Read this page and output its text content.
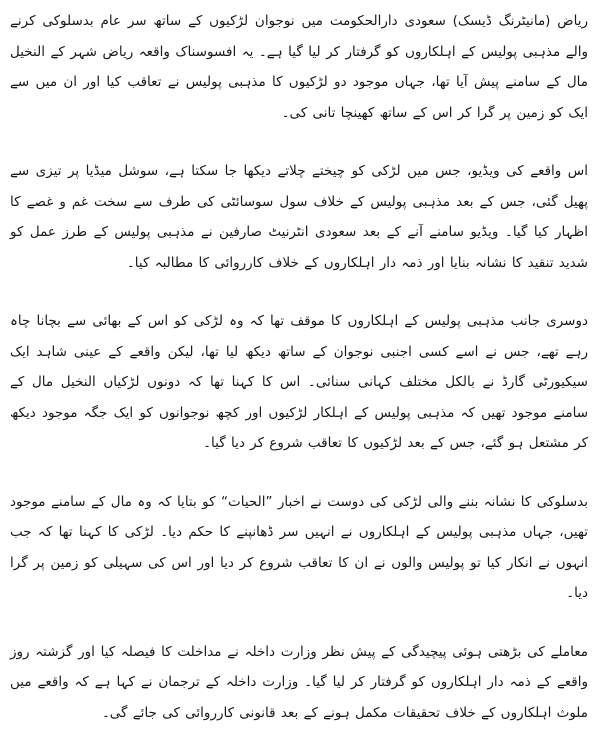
ریاض (مانیٹرنگ ڈیسک) سعودی دارالحکومت میں نوجوان لڑکیوں کے ساتھ سر عام بدسلوکی کرنے والے مذہبی پولیس کے اہلکاروں کو گرفتار کر لیا گیا ہے۔ یہ افسوسناک واقعہ ریاض شہر کے النخیل مال کے سامنے پیش آیا تھا، جہاں موجود دو لڑکیوں کا مذہبی پولیس نے تعاقب کیا اور ان میں سے ایک کو زمین پر گرا کر اس کے ساتھ کھینچا تانی کی۔

اس واقعے کی ویڈیو، جس میں لڑکی کو چیختے چلاتے دیکھا جا سکتا ہے، سوشل میڈیا پر تیزی سے پھیل گئی، جس کے بعد مذہبی پولیس کے خلاف سول سوسائٹی کی طرف سے سخت غم و غصے کا اظہار کیا گیا۔ ویڈیو سامنے آنے کے بعد سعودی انٹرنیٹ صارفین نے مذہبی پولیس کے طرز عمل کو شدید تنقید کا نشانہ بنایا اور ذمہ دار اہلکاروں کے خلاف کارروائی کا مطالبہ کیا۔

دوسری جانب مذہبی پولیس کے اہلکاروں کا موقف تھا کہ وہ لڑکی کو اس کے بھائی سے بچانا چاہ رہے تھے، جس نے اسے کسی اجنبی نوجوان کے ساتھ دیکھ لیا تھا، لیکن واقعے کے عینی شاہد ایک سیکیورٹی گارڈ نے بالکل مختلف کہانی سنائی۔ اس کا کہنا تھا کہ دونوں لڑکیاں النخیل مال کے سامنے موجود تھیں کہ مذہبی پولیس کے اہلکار لڑکیوں اور کچھ نوجوانوں کو ایک جگہ موجود دیکھ کر مشتعل ہو گئے، جس کے بعد لڑکیوں کا تعاقب شروع کر دیا گیا۔

بدسلوکی کا نشانہ بننے والی لڑکی کی دوست نے اخبار ”الحیات“ کو بتایا کہ وہ مال کے سامنے موجود تھیں، جہاں مذہبی پولیس کے اہلکاروں نے انہیں سر ڈھانپنے کا حکم دیا۔ لڑکی کا کہنا تھا کہ جب انہوں نے انکار کیا تو پولیس والوں نے ان کا تعاقب شروع کر دیا اور اس کی سہیلی کو زمین پر گرا دیا۔

معاملے کی بڑھتی ہوئی پیچیدگی کے پیش نظر وزارت داخلہ نے مداخلت کا فیصلہ کیا اور گزشتہ روز واقعے کے ذمہ دار اہلکاروں کو گرفتار کر لیا گیا۔ وزارت داخلہ کے ترجمان نے کہا ہے کہ واقعے میں ملوث اہلکاروں کے خلاف تحقیقات مکمل ہونے کے بعد قانونی کارروائی کی جائے گی۔
